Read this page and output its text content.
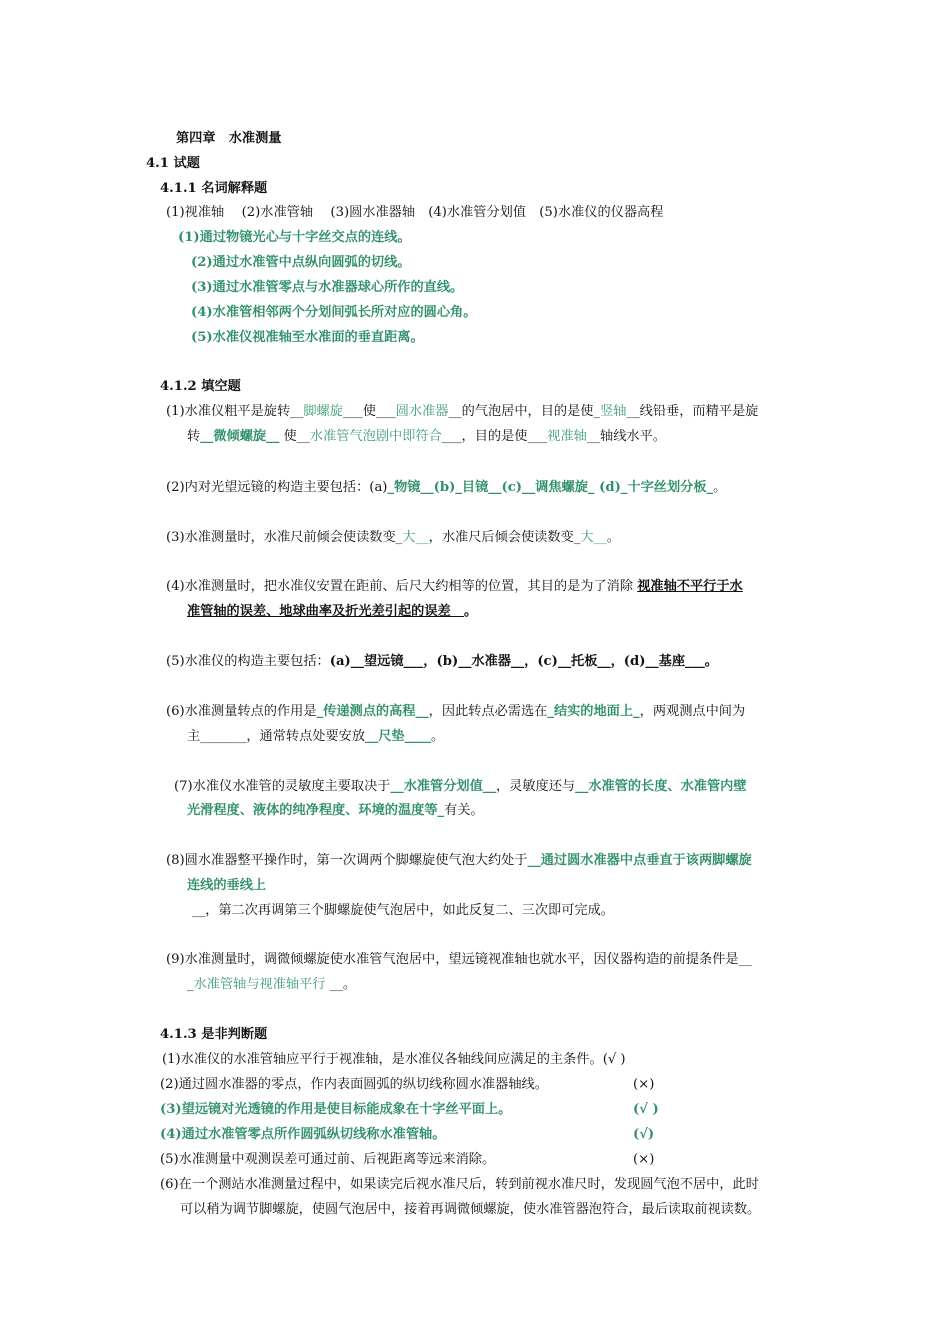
第四章　水准测量
4.1 试题
4.1.1 名词解释题
(1)视准轴　 (2)水准管轴　 (3)圆水准器轴　(4)水准管分划值　(5)水准仪的仪器高程
(1)通过物镜光心与十字丝交点的连线。
(2)通过水准管中点纵向圆弧的切线。
(3)通过水准管零点与水准器球心所作的直线。
(4)水准管相邻两个分划间弧长所对应的圆心角。
(5)水准仪视准轴至水准面的垂直距离。
4.1.2 填空题
(1)水准仪粗平是旋转__脚螺旋___使___圆水准器__的气泡居中，目的是使_竖轴__线铅垂，而精平是旋
转__微倾螺旋__ 使__水准管气泡剧中即符合___，目的是使___视准轴__轴线水平。
(2)内对光望远镜的构造主要包括：(a)_物镜__(b)_目镜__(c)__调焦螺旋_ (d)_十字丝划分板_。
(3)水准测量时，水准尺前倾会使读数变_大__，水准尺后倾会使读数变_大__。
(4)水准测量时，把水准仪安置在距前、后尺大约相等的位置，其目的是为了消除 视准轴不平行于水
准管轴的误差、地球曲率及折光差引起的误差　。
(5)水准仪的构造主要包括：(a)__望远镜___，(b)__水准器__，(c)__托板__，(d)__基座___。
(6)水准测量转点的作用是_传递测点的高程__，因此转点必需选在_结实的地面上_，两观测点中间为
主_______，通常转点处要安放__尺垫____。
(7)水准仪水准管的灵敏度主要取决于__水准管分划值__，灵敏度还与__水准管的长度、水准管内壁
光滑程度、液体的纯净程度、环境的温度等_有关。
(8)圆水准器整平操作时，第一次调两个脚螺旋使气泡大约处于__通过圆水准器中点垂直于该两脚螺旋
连线的垂线上
__，第二次再调第三个脚螺旋使气泡居中，如此反复二、三次即可完成。
(9)水准测量时，调微倾螺旋使水准管气泡居中，望远镜视准轴也就水平，因仪器构造的前提条件是__
_水准管轴与视准轴平行 __。
4.1.3 是非判断题
(1)水准仪的水准管轴应平行于视准轴，是水准仪各轴线间应满足的主条件。(√ )
(2)通过圆水准器的零点，作内表面圆弧的纵切线称圆水准器轴线。	(×)
(3)望远镜对光透镜的作用是使目标能成象在十字丝平面上。	(√ )
(4)通过水准管零点所作圆弧纵切线称水准管轴。	(√)
(5)水准测量中观测误差可通过前、后视距离等远来消除。	(×)
(6)在一个测站水准测量过程中，如果读完后视水准尺后，转到前视水准尺时，发现圆气泡不居中，此时
可以稍为调节脚螺旋，使圆气泡居中，接着再调微倾螺旋，使水准管器泡符合，最后读取前视读数。
